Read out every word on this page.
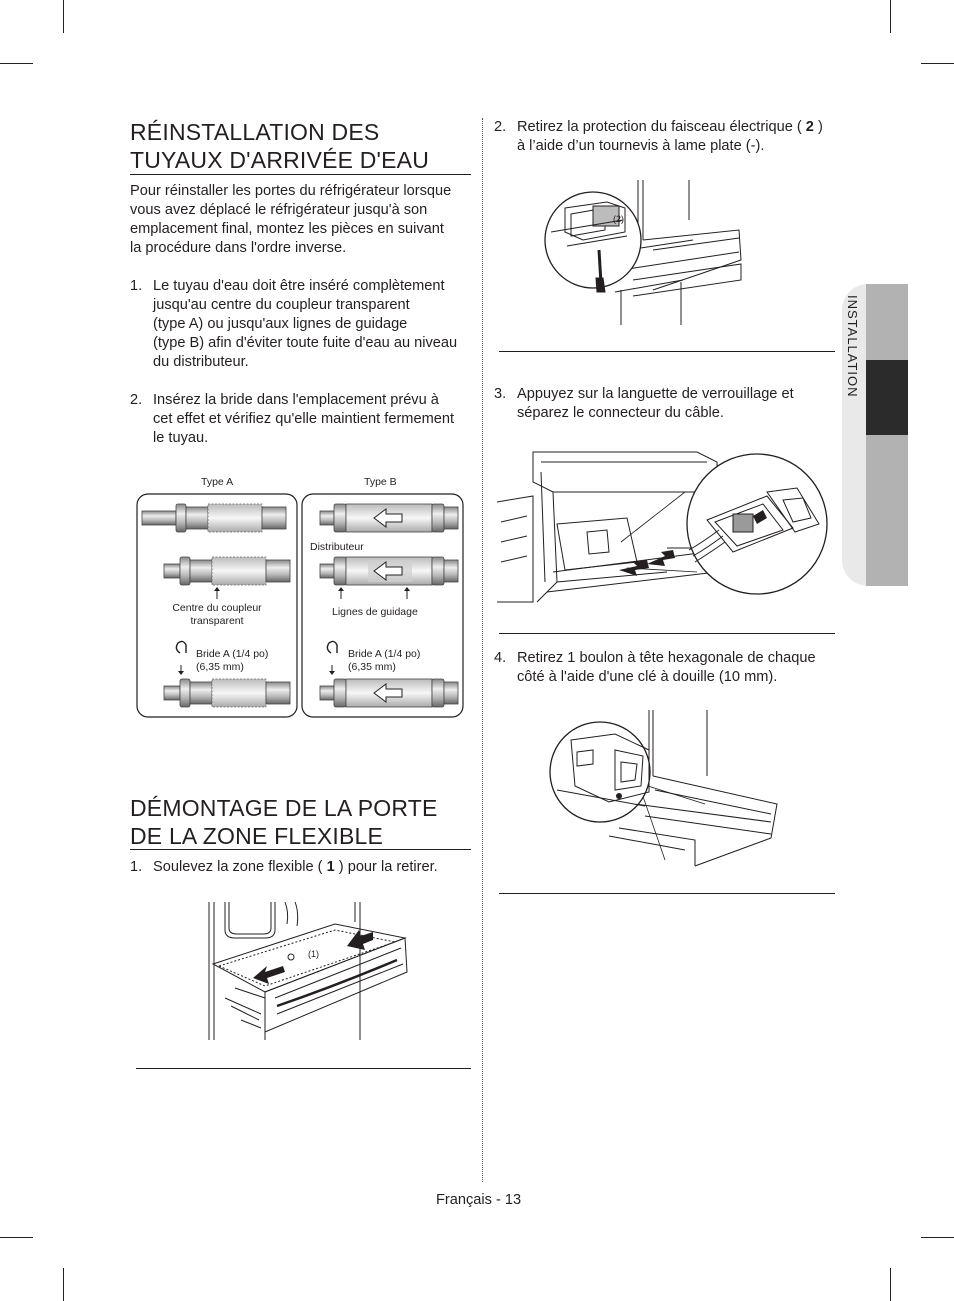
RÉINSTALLATION DES
TUYAUX D'ARRIVÉE D'EAU
Pour réinstaller les portes du réfrigérateur lorsque
vous avez déplacé le réfrigérateur jusqu'à son
emplacement final, montez les pièces en suivant
la procédure dans l'ordre inverse.
1. Le tuyau d'eau doit être inséré complètement
jusqu'au centre du coupleur transparent
(type A) ou jusqu'aux lignes de guidage
(type B) afin d'éviter toute fuite d'eau au niveau
du distributeur.
2. Insérez la bride dans l'emplacement prévu à
cet effet et vérifiez qu'elle maintient fermement
le tuyau.
Type A	Type B
Distributeur
Centre du coupleur
transparent
Lignes de guidage
Bride A (1/4 po)
(6,35 mm)
Bride A (1/4 po)
(6,35 mm)
DÉMONTAGE DE LA PORTE
DE LA ZONE FLEXIBLE
1. Soulevez la zone flexible ( 1 ) pour la retirer.
(1)
2. Retirez la protection du faisceau électrique ( 2 )
à l’aide d’un tournevis à lame plate (-).
(2)
3. Appuyez sur la languette de verrouillage et
séparez le connecteur du câble.
4. Retirez 1 boulon à tête hexagonale de chaque
côté à l'aide d'une clé à douille (10 mm).
INSTALLATION
Français - 13
